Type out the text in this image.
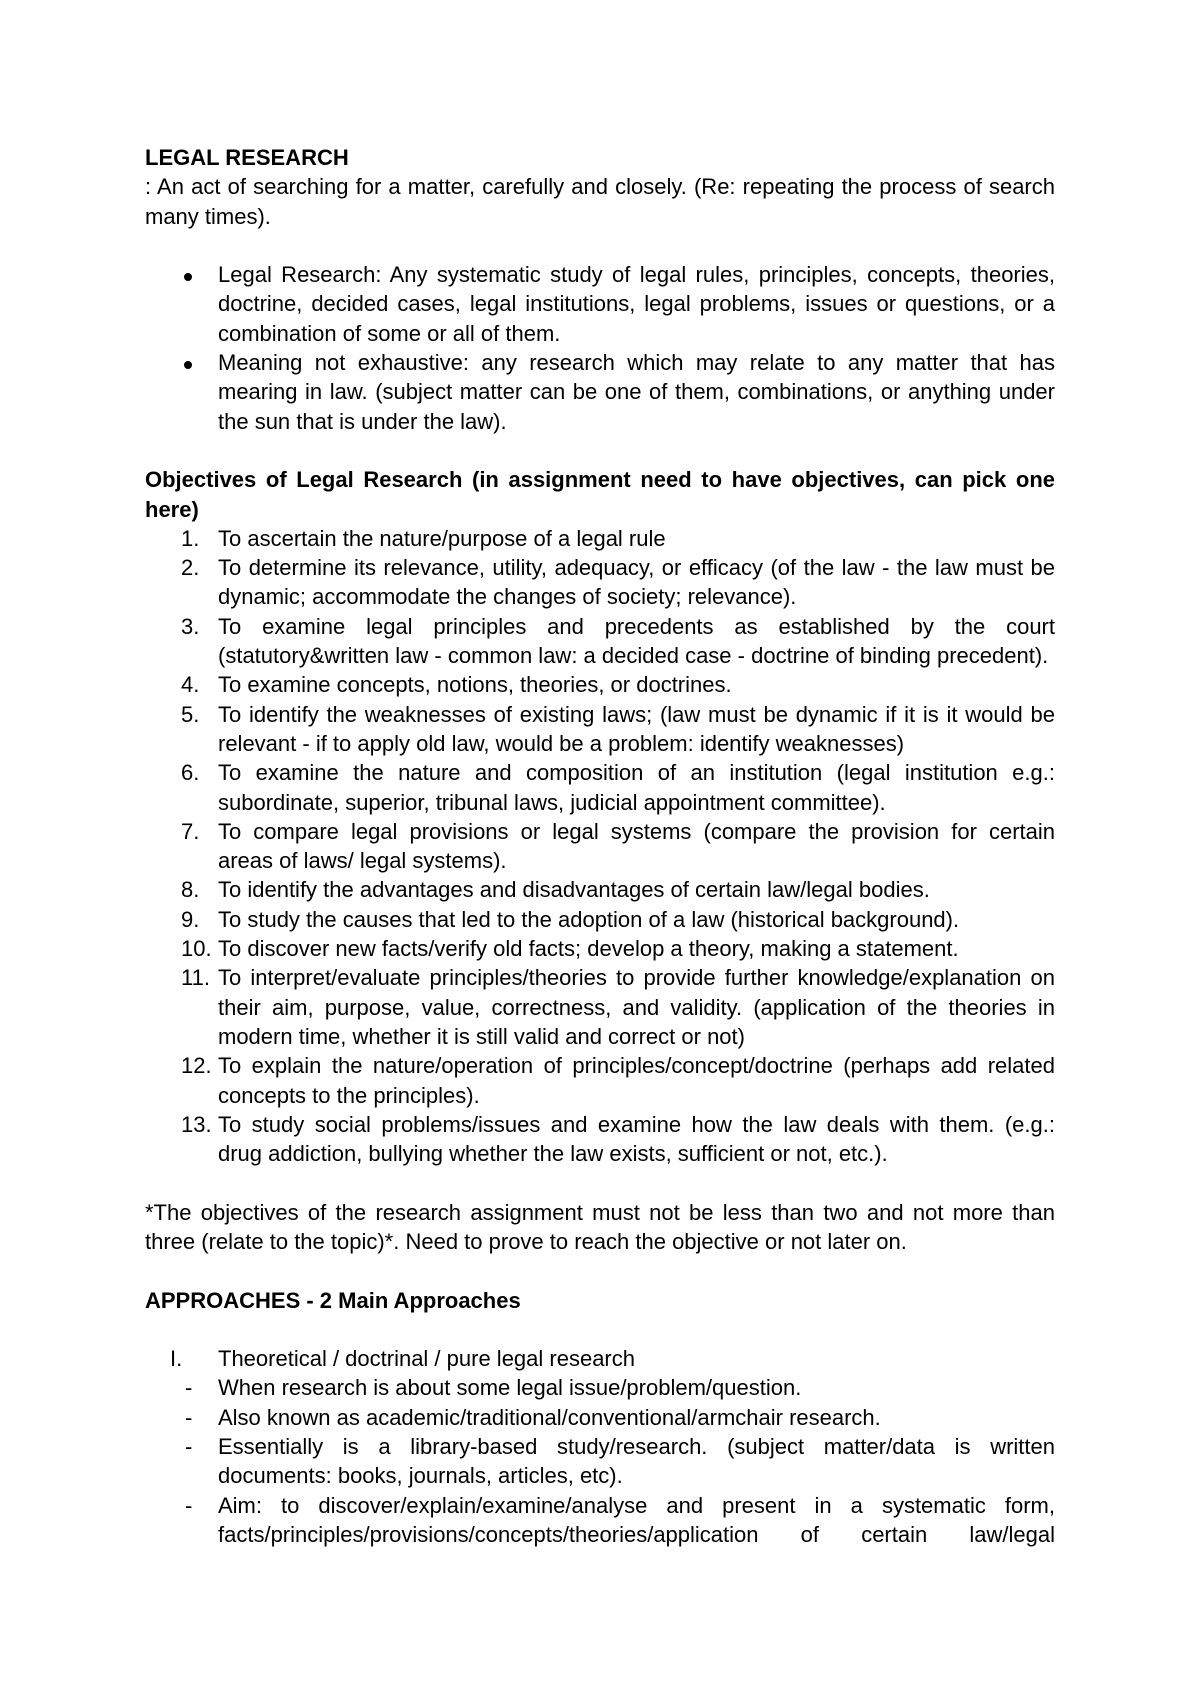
LEGAL RESEARCH
: An act of searching for a matter, carefully and closely. (Re: repeating the process of search
many times).
Legal Research: Any systematic study of legal rules, principles, concepts, theories,
doctrine, decided cases, legal institutions, legal problems, issues or questions, or a
combination of some or all of them.
Meaning not exhaustive: any research which may relate to any matter that has
mearing in law. (subject matter can be one of them, combinations, or anything under
the sun that is under the law).
Objectives of Legal Research (in assignment need to have objectives, can pick one
here)
1. To ascertain the nature/purpose of a legal rule
2. To determine its relevance, utility, adequacy, or efficacy (of the law - the law must be
dynamic; accommodate the changes of society; relevance).
3. To examine legal principles and precedents as established by the court
(statutory&written law - common law: a decided case - doctrine of binding precedent).
4. To examine concepts, notions, theories, or doctrines.
5. To identify the weaknesses of existing laws; (law must be dynamic if it is it would be
relevant - if to apply old law, would be a problem: identify weaknesses)
6. To examine the nature and composition of an institution (legal institution e.g.:
subordinate, superior, tribunal laws, judicial appointment committee).
7. To compare legal provisions or legal systems (compare the provision for certain
areas of laws/ legal systems).
8. To identify the advantages and disadvantages of certain law/legal bodies.
9. To study the causes that led to the adoption of a law (historical background).
10. To discover new facts/verify old facts; develop a theory, making a statement.
11. To interpret/evaluate principles/theories to provide further knowledge/explanation on
their aim, purpose, value, correctness, and validity. (application of the theories in
modern time, whether it is still valid and correct or not)
12. To explain the nature/operation of principles/concept/doctrine (perhaps add related
concepts to the principles).
13. To study social problems/issues and examine how the law deals with them. (e.g.:
drug addiction, bullying whether the law exists, sufficient or not, etc.).
*The objectives of the research assignment must not be less than two and not more than
three (relate to the topic)*. Need to prove to reach the objective or not later on.
APPROACHES - 2 Main Approaches
I. Theoretical / doctrinal / pure legal research
- When research is about some legal issue/problem/question.
- Also known as academic/traditional/conventional/armchair research.
- Essentially is a library-based study/research. (subject matter/data is written
documents: books, journals, articles, etc).
- Aim: to discover/explain/examine/analyse and present in a systematic form,
facts/principles/provisions/concepts/theories/application of certain law/legal
